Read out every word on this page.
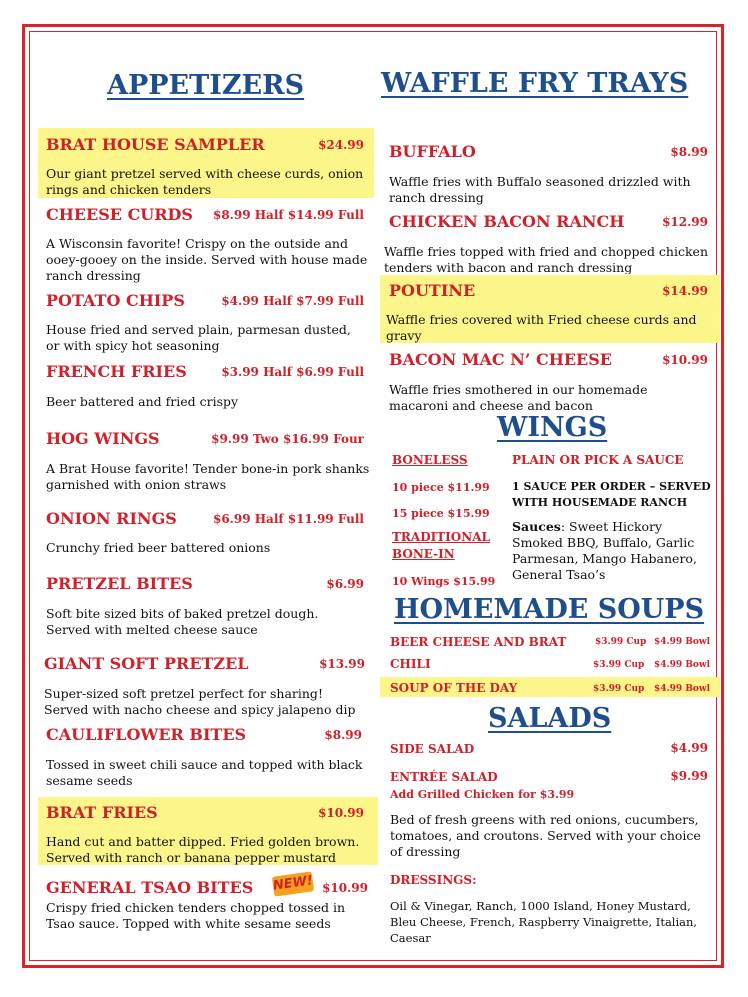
APPETIZERS
BRAT HOUSE SAMPLER	$24.99
Our giant pretzel served with cheese curds, onion rings and chicken tenders
CHEESE CURDS	$8.99 Half $14.99 Full
A Wisconsin favorite! Crispy on the outside and ooey-gooey on the inside. Served with house made ranch dressing
POTATO CHIPS	$4.99 Half $7.99 Full
House fried and served plain, parmesan dusted, or with spicy hot seasoning
FRENCH FRIES	$3.99 Half $6.99 Full
Beer battered and fried crispy
HOG WINGS	$9.99 Two $16.99 Four
A Brat House favorite! Tender bone-in pork shanks garnished with onion straws
ONION RINGS	$6.99 Half $11.99 Full
Crunchy fried beer battered onions
PRETZEL BITES	$6.99
Soft bite sized bits of baked pretzel dough. Served with melted cheese sauce
GIANT SOFT PRETZEL	$13.99
Super-sized soft pretzel perfect for sharing! Served with nacho cheese and spicy jalapeno dip
CAULIFLOWER BITES	$8.99
Tossed in sweet chili sauce and topped with black sesame seeds
BRAT FRIES	$10.99
Hand cut and batter dipped. Fried golden brown. Served with ranch or banana pepper mustard
GENERAL TSAO BITES NEW! $10.99
Crispy fried chicken tenders chopped tossed in Tsao sauce. Topped with white sesame seeds
WAFFLE FRY TRAYS
BUFFALO	$8.99
Waffle fries with Buffalo seasoned drizzled with ranch dressing
CHICKEN BACON RANCH	$12.99
Waffle fries topped with fried and chopped chicken tenders with bacon and ranch dressing
POUTINE	$14.99
Waffle fries covered with Fried cheese curds and gravy
BACON MAC N’ CHEESE	$10.99
Waffle fries smothered in our homemade macaroni and cheese and bacon
WINGS
BONELESS
10 piece $11.99
15 piece $15.99
TRADITIONAL
BONE-IN
10 Wings $15.99
PLAIN OR PICK A SAUCE
1 SAUCE PER ORDER – SERVED
WITH HOUSEMADE RANCH
Sauces: Sweet Hickory Smoked BBQ, Buffalo, Garlic Parmesan, Mango Habanero, General Tsao’s
HOMEMADE SOUPS
BEER CHEESE AND BRAT	$3.99 Cup $4.99 Bowl
CHILI	$3.99 Cup $4.99 Bowl
SOUP OF THE DAY	$3.99 Cup $4.99 Bowl
SALADS
SIDE SALAD	$4.99
ENTRÉE SALAD	$9.99
Add Grilled Chicken for $3.99
Bed of fresh greens with red onions, cucumbers, tomatoes, and croutons. Served with your choice of dressing
DRESSINGS:
Oil & Vinegar, Ranch, 1000 Island, Honey Mustard, Bleu Cheese, French, Raspberry Vinaigrette, Italian, Caesar
